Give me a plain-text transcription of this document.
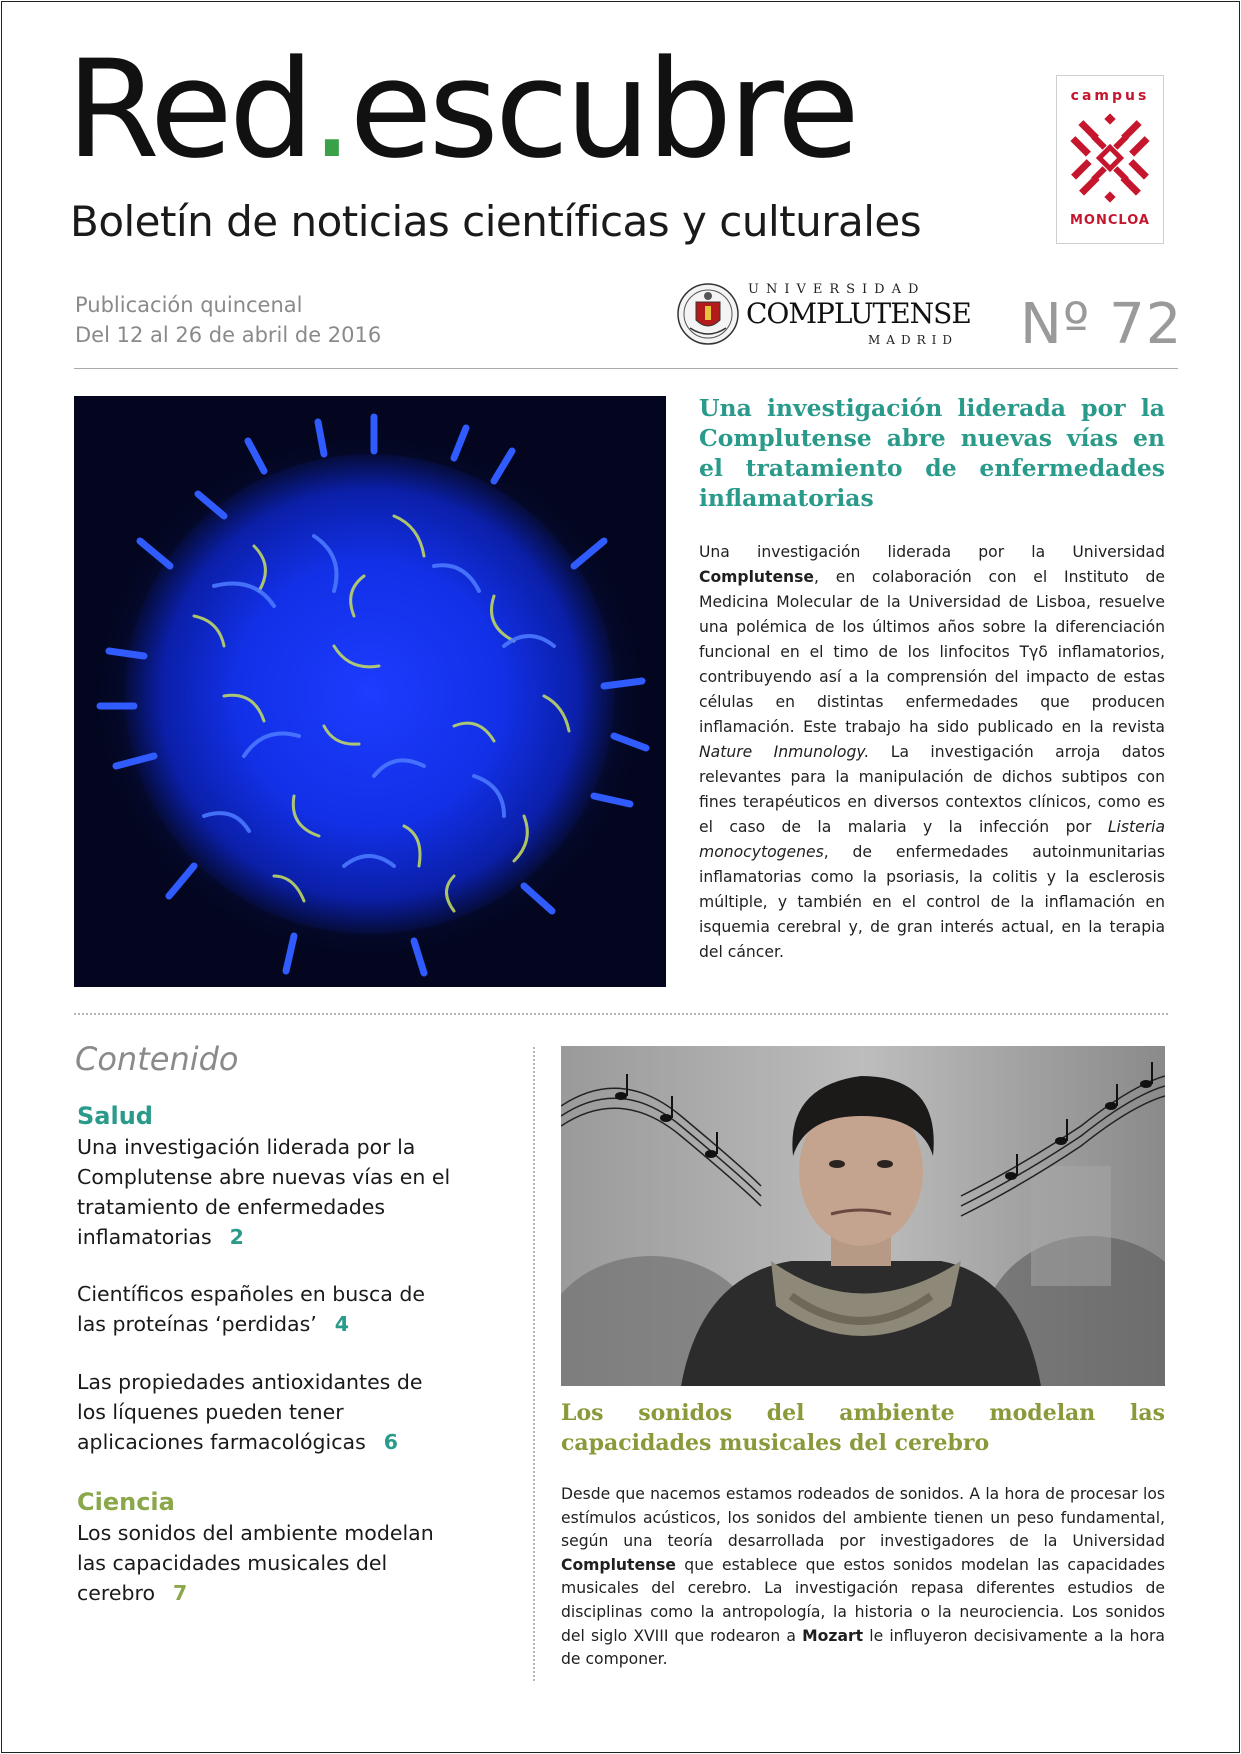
Red.escubre
Boletín de noticias científicas y culturales
campus
MONCLOA
Publicación quincenal
Del 12 al 26 de abril de 2016
UNIVERSIDAD
COMPLUTENSE
MADRID Nº 72
Una investigación liderada por la Complutense abre nuevas vías en el tratamiento de enfermedades inflamatorias

Una investigación liderada por la Universidad Complutense, en colaboración con el Instituto de Medicina Molecular de la Universidad de Lisboa, resuelve una polémica de los últimos años sobre la diferenciación funcional en el timo de los linfocitos Tγδ inflamatorios, contribuyendo así a la comprensión del impacto de estas células en distintas enfermedades que producen inflamación. Este trabajo ha sido publicado en la revista Nature Inmunology. La investigación arroja datos relevantes para la manipulación de dichos subtipos con fines terapéuticos en diversos contextos clínicos, como es el caso de la malaria y la infección por Listeria monocytogenes, de enfermedades autoinmunitarias inflamatorias como la psoriasis, la colitis y la esclerosis múltiple, y también en el control de la inflamación en isquemia cerebral y, de gran interés actual, en la terapia del cáncer.

Contenido
Salud
Una investigación liderada por la Complutense abre nuevas vías en el tratamiento de enfermedades inflamatorias 2
Científicos españoles en busca de las proteínas ‘perdidas’ 4
Las propiedades antioxidantes de los líquenes pueden tener aplicaciones farmacológicas 6
Ciencia
Los sonidos del ambiente modelan las capacidades musicales del cerebro 7
Los sonidos del ambiente modelan las capacidades musicales del cerebro

Desde que nacemos estamos rodeados de sonidos. A la hora de procesar los estímulos acústicos, los sonidos del ambiente tienen un peso fundamental, según una teoría desarrollada por investigadores de la Universidad Complutense que establece que estos sonidos modelan las capacidades musicales del cerebro. La investigación repasa diferentes estudios de disciplinas como la antropología, la historia o la neurociencia. Los sonidos del siglo XVIII que rodearon a Mozart le influyeron decisivamente a la hora de componer.
